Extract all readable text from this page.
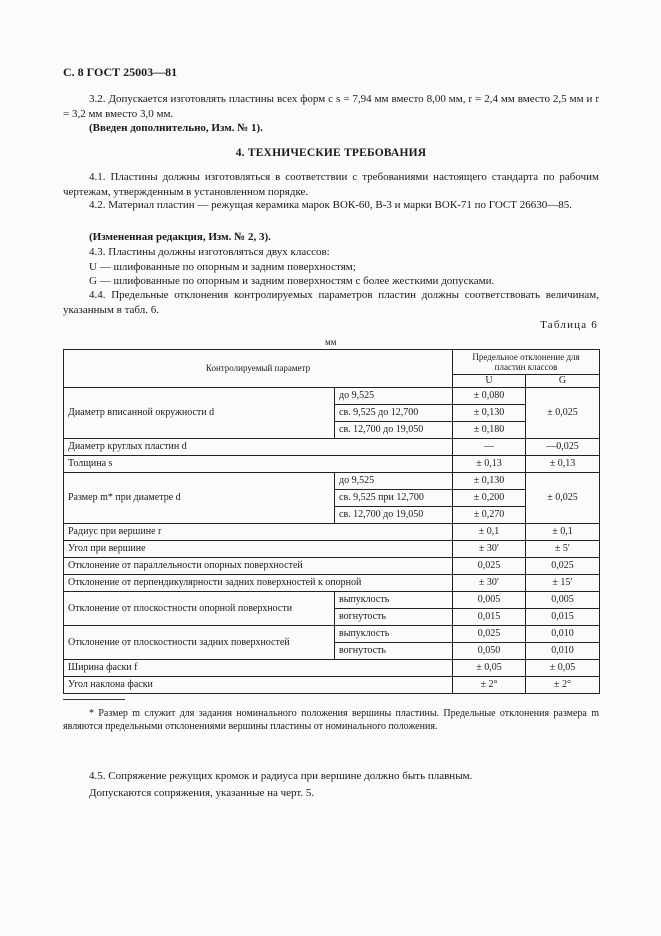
С. 8 ГОСТ 25003—81
3.2. Допускается изготовлять пластины всех форм с s = 7,94 мм вместо 8,00 мм, r = 2,4 мм вместо 2,5 мм и r = 3,2 мм вместо 3,0 мм.
(Введен дополнительно, Изм. № 1).
4. ТЕХНИЧЕСКИЕ ТРЕБОВАНИЯ
4.1. Пластины должны изготовляться в соответствии с требованиями настоящего стандарта по рабочим чертежам, утвержденным в установленном порядке.
4.2. Материал пластин — режущая керамика марок ВОК-60, В-3 и марки ВОК-71 по ГОСТ 26630—85.
(Измененная редакция, Изм. № 2, 3).
4.3. Пластины должны изготовляться двух классов:
U — шлифованные по опорным и задним поверхностям;
G — шлифованные по опорным и задним поверхностям с более жесткими допусками.
4.4. Предельные отклонения контролируемых параметров пластин должны соответствовать величинам, указанным в табл. 6.
Таблица 6
мм
Контролируемый параметр		Предельное отклонение для пластин классов	
		U	G
Диаметр вписанной окружности d	до 9,525	± 0,080	± 0,025
	св. 9,525 до 12,700	± 0,130	
	св. 12,700 до 19,050	± 0,180	
Диаметр круглых пластин d		—	—0,025
Толщина s		± 0,13	± 0,13
Размер m* при диаметре d	до 9,525	± 0,130	± 0,025
	св. 9,525 при 12,700	± 0,200	
	св. 12,700 до 19,050	± 0,270	
Радиус при вершине r		± 0,1	± 0,1
Угол при вершине		± 30′	± 5′
Отклонение от параллельности опорных поверхностей		0,025	0,025
Отклонение от перпендикулярности задних поверхностей к опорной		± 30′	± 15′
Отклонение от плоскостности опорной поверхности	выпуклость	0,005	0,005
	вогнутость	0,015	0,015
Отклонение от плоскостности задних поверхностей	выпуклость	0,025	0,010
	вогнутость	0,050	0,010
Ширина фаски f		± 0,05	± 0,05
Угол наклона фаски		± 2°	± 2°
* Размер m служит для задания номинального положения вершины пластины. Предельные отклонения размера m являются предельными отклонениями вершины пластины от номинального положения.
4.5. Сопряжение режущих кромок и радиуса при вершине должно быть плавным.
Допускаются сопряжения, указанные на черт. 5.
